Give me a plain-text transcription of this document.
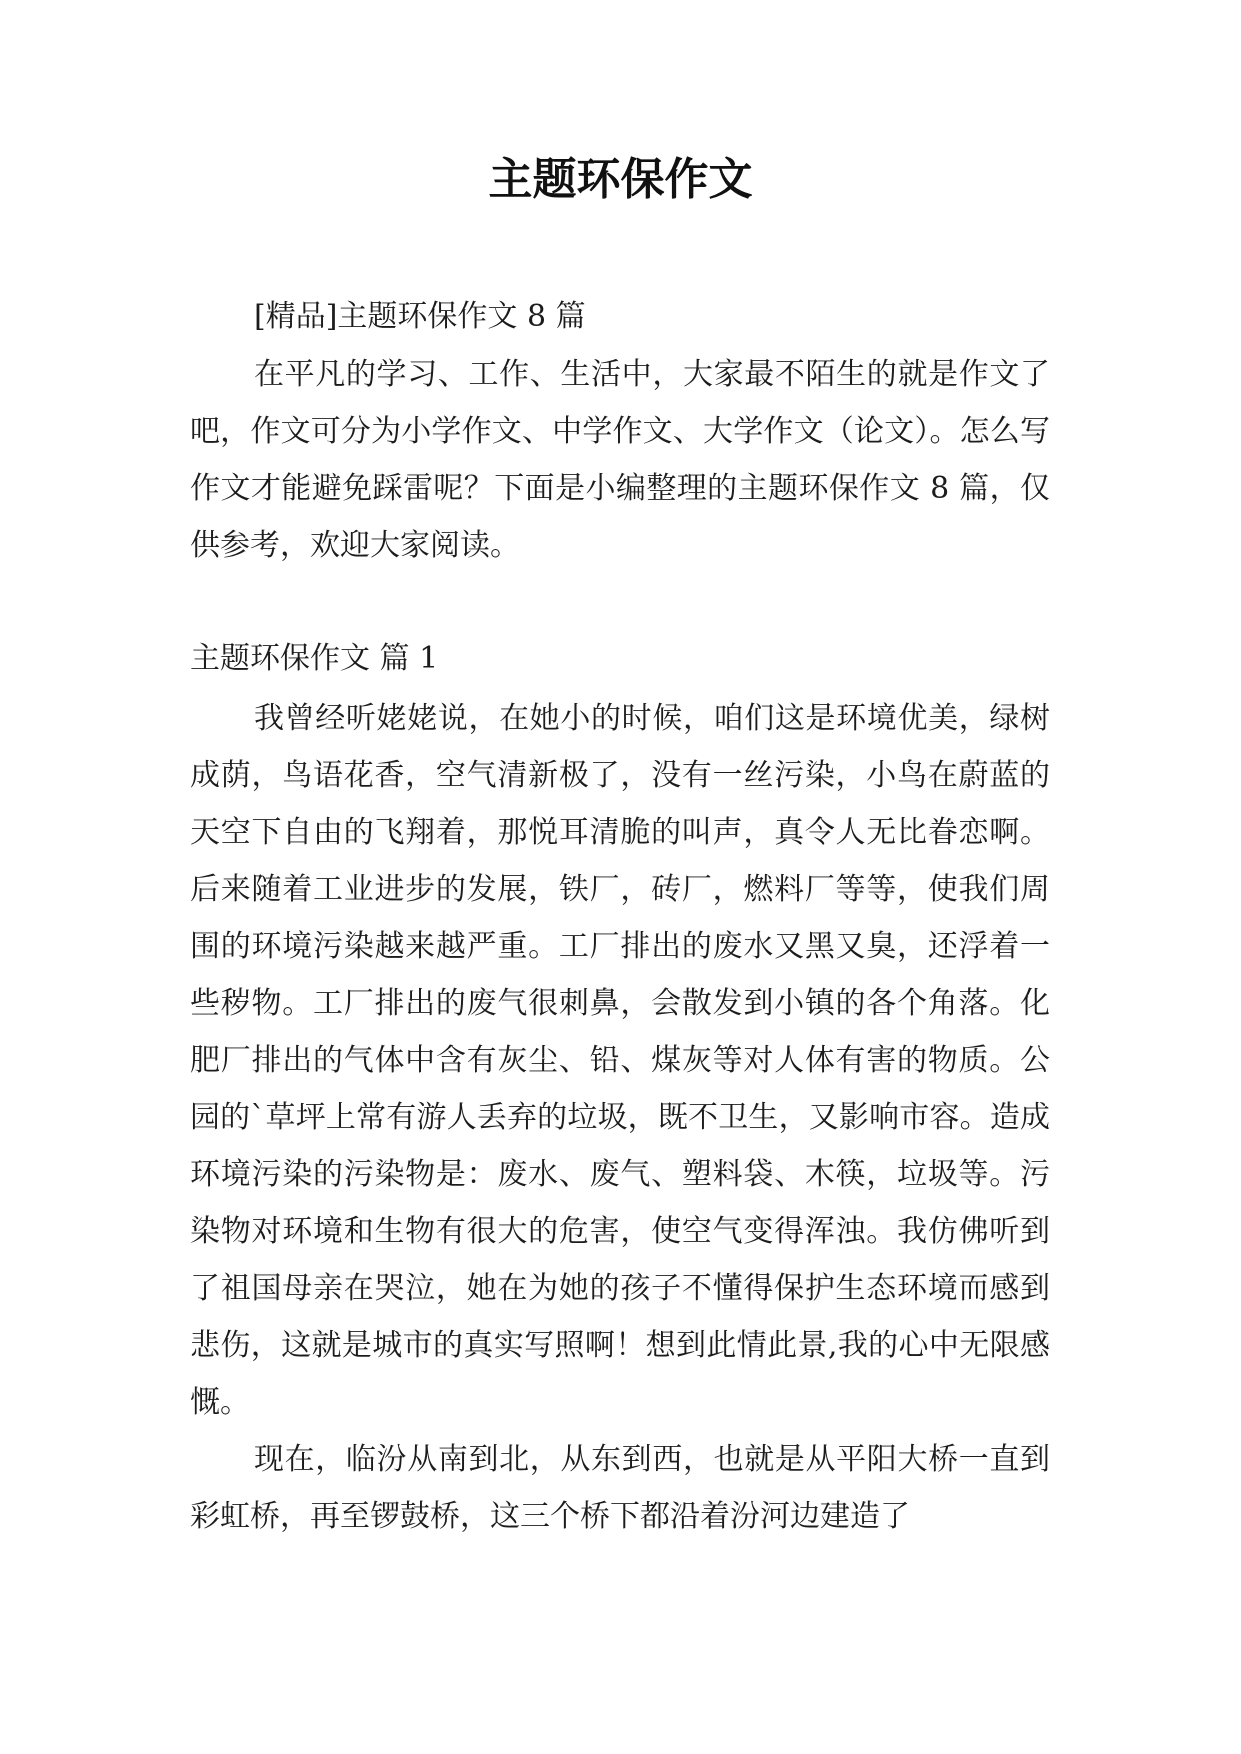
主题环保作文

[精品]主题环保作文 8 篇

在平凡的学习、工作、生活中，大家最不陌生的就是作文了吧，作文可分为小学作文、中学作文、大学作文（论文）。怎么写作文才能避免踩雷呢？下面是小编整理的主题环保作文 8 篇，仅供参考，欢迎大家阅读。

主题环保作文 篇 1

我曾经听姥姥说，在她小的时候，咱们这是环境优美，绿树成荫，鸟语花香，空气清新极了，没有一丝污染，小鸟在蔚蓝的天空下自由的飞翔着，那悦耳清脆的叫声，真令人无比眷恋啊。后来随着工业进步的发展，铁厂，砖厂，燃料厂等等，使我们周围的环境污染越来越严重。工厂排出的废水又黑又臭，还浮着一些秽物。工厂排出的废气很刺鼻，会散发到小镇的各个角落。化肥厂排出的气体中含有灰尘、铅、煤灰等对人体有害的物质。公园的`草坪上常有游人丢弃的垃圾，既不卫生，又影响市容。造成环境污染的污染物是：废水、废气、塑料袋、木筷，垃圾等。污染物对环境和生物有很大的危害，使空气变得浑浊。我仿佛听到了祖国母亲在哭泣，她在为她的孩子不懂得保护生态环境而感到悲伤，这就是城市的真实写照啊！想到此情此景,我的心中无限感慨。

现在，临汾从南到北，从东到西，也就是从平阳大桥一直到彩虹桥，再至锣鼓桥，这三个桥下都沿着汾河边建造了
